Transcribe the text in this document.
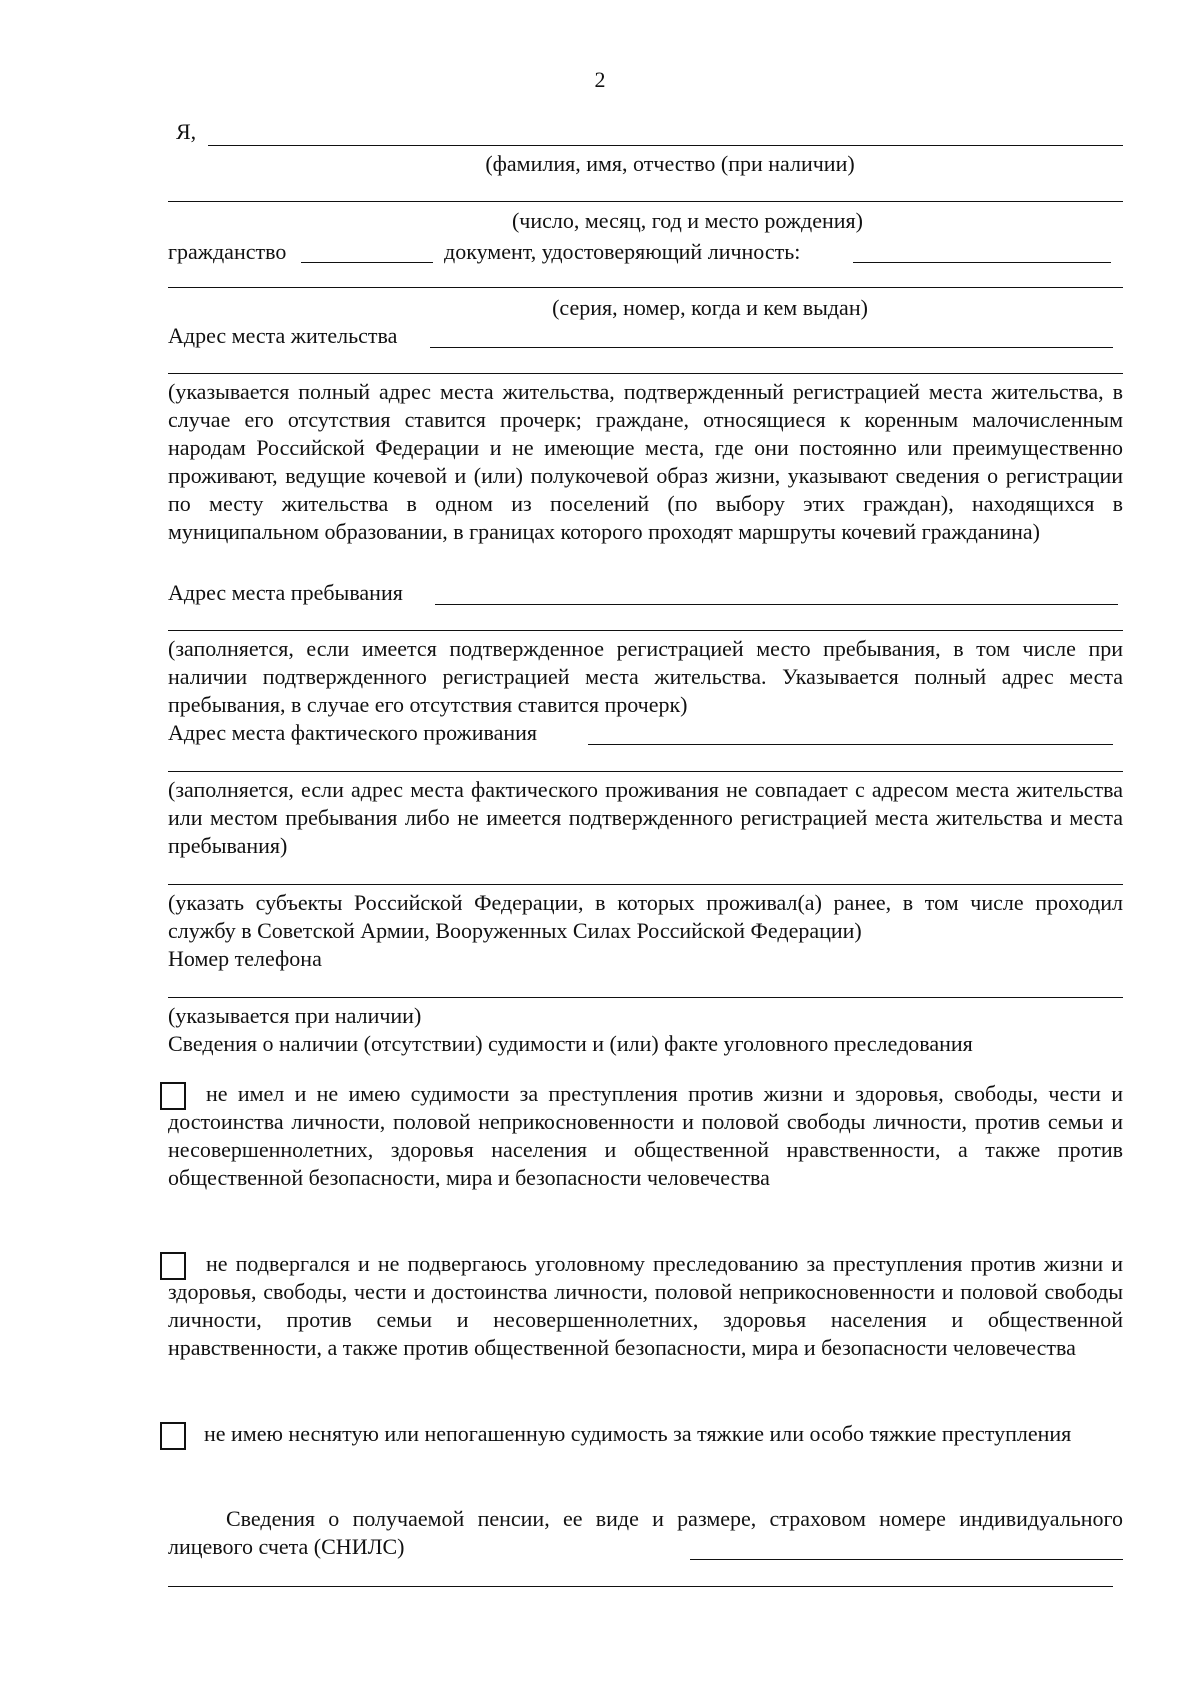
2
Я,
(фамилия, имя, отчество (при наличии)
(число, месяц, год и место рождения)
гражданство	документ, удостоверяющий личность:
(серия, номер, когда и кем выдан)
Адрес места жительства

(указывается полный адрес места жительства, подтвержденный регистрацией места жительства, в случае его отсутствия ставится прочерк; граждане, относящиеся к коренным малочисленным народам Российской Федерации и не имеющие места, где они постоянно или преимущественно проживают, ведущие кочевой и (или) полукочевой образ жизни, указывают сведения о регистрации по месту жительства в одном из поселений (по выбору этих граждан), находящихся в муниципальном образовании, в границах которого проходят маршруты кочевий гражданина)

Адрес места пребывания

(заполняется, если имеется подтвержденное регистрацией место пребывания, в том числе при наличии подтвержденного регистрацией места жительства. Указывается полный адрес места пребывания, в случае его отсутствия ставится прочерк)

Адрес места фактического проживания

(заполняется, если адрес места фактического проживания не совпадает с адресом места жительства или местом пребывания либо не имеется подтвержденного регистрацией места жительства и места пребывания)

(указать субъекты Российской Федерации, в которых проживал(а) ранее, в том числе проходил службу в Советской Армии, Вооруженных Силах Российской Федерации)

Номер телефона
(указывается при наличии)
Сведения о наличии (отсутствии) судимости и (или) факте уголовного преследования

не имел и не имею судимости за преступления против жизни и здоровья, свободы, чести и достоинства личности, половой неприкосновенности и половой свободы личности, против семьи и несовершеннолетних, здоровья населения и общественной нравственности, а также против общественной безопасности, мира и безопасности человечества

не подвергался и не подвергаюсь уголовному преследованию за преступления против жизни и здоровья, свободы, чести и достоинства личности, половой неприкосновенности и половой свободы личности, против семьи и несовершеннолетних, здоровья населения и общественной нравственности, а также против общественной безопасности, мира и безопасности человечества

не имею неснятую или непогашенную судимость за тяжкие или особо тяжкие преступления

Сведения о получаемой пенсии, ее виде и размере, страховом номере индивидуального лицевого счета (СНИЛС)
